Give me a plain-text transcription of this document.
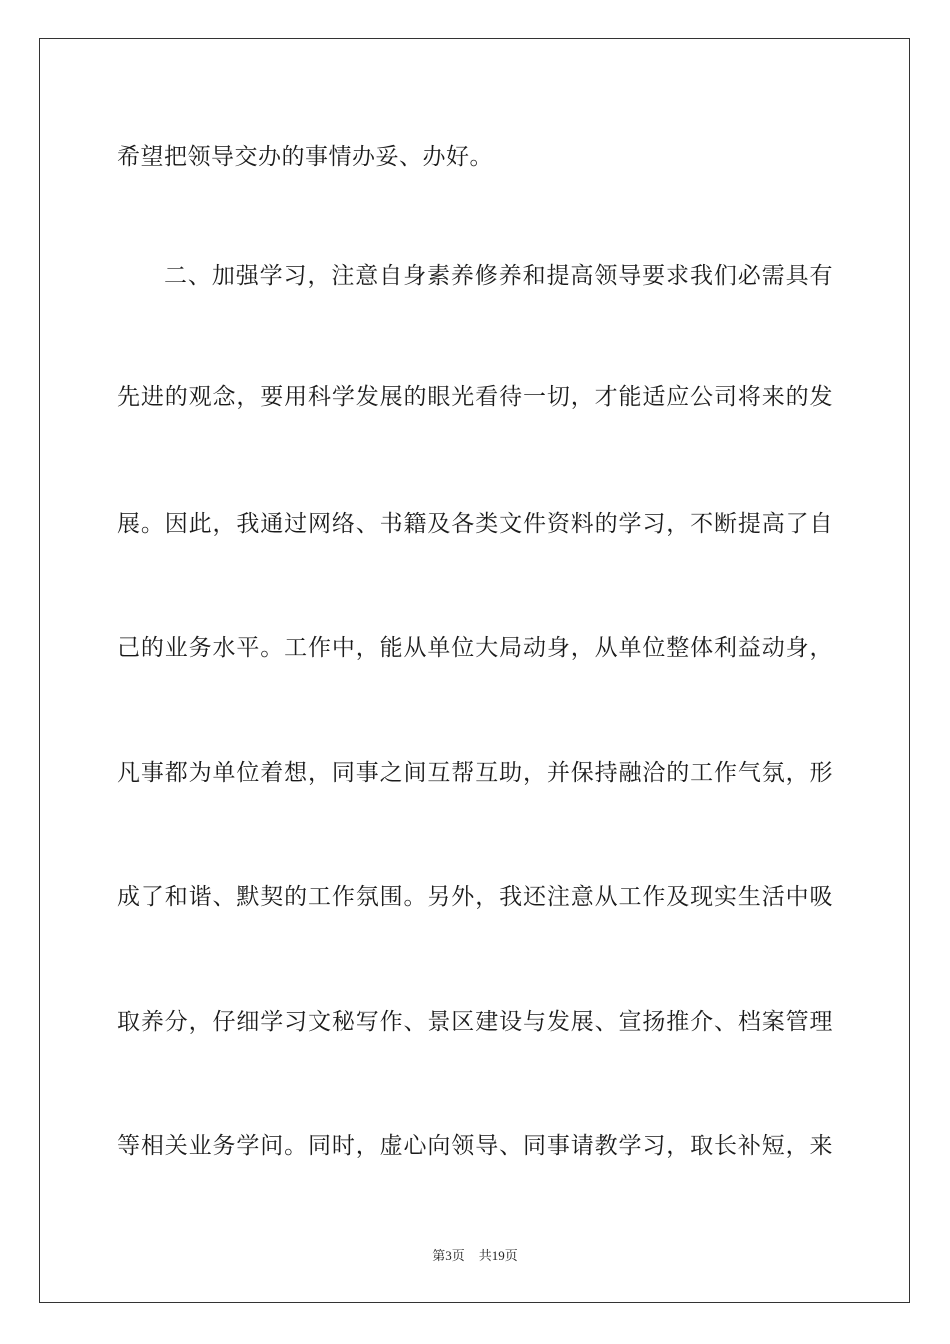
希望把领导交办的事情办妥、办好。
二、加强学习，注意自身素养修养和提高领导要求我们必需具有
先进的观念，要用科学发展的眼光看待一切，才能适应公司将来的发
展。因此，我通过网络、书籍及各类文件资料的学习，不断提高了自
己的业务水平。工作中，能从单位大局动身，从单位整体利益动身，
凡事都为单位着想，同事之间互帮互助，并保持融洽的工作气氛，形
成了和谐、默契的工作氛围。另外，我还注意从工作及现实生活中吸
取养分，仔细学习文秘写作、景区建设与发展、宣扬推介、档案管理
等相关业务学问。同时，虚心向领导、同事请教学习，取长补短，来
第3页 共19页
